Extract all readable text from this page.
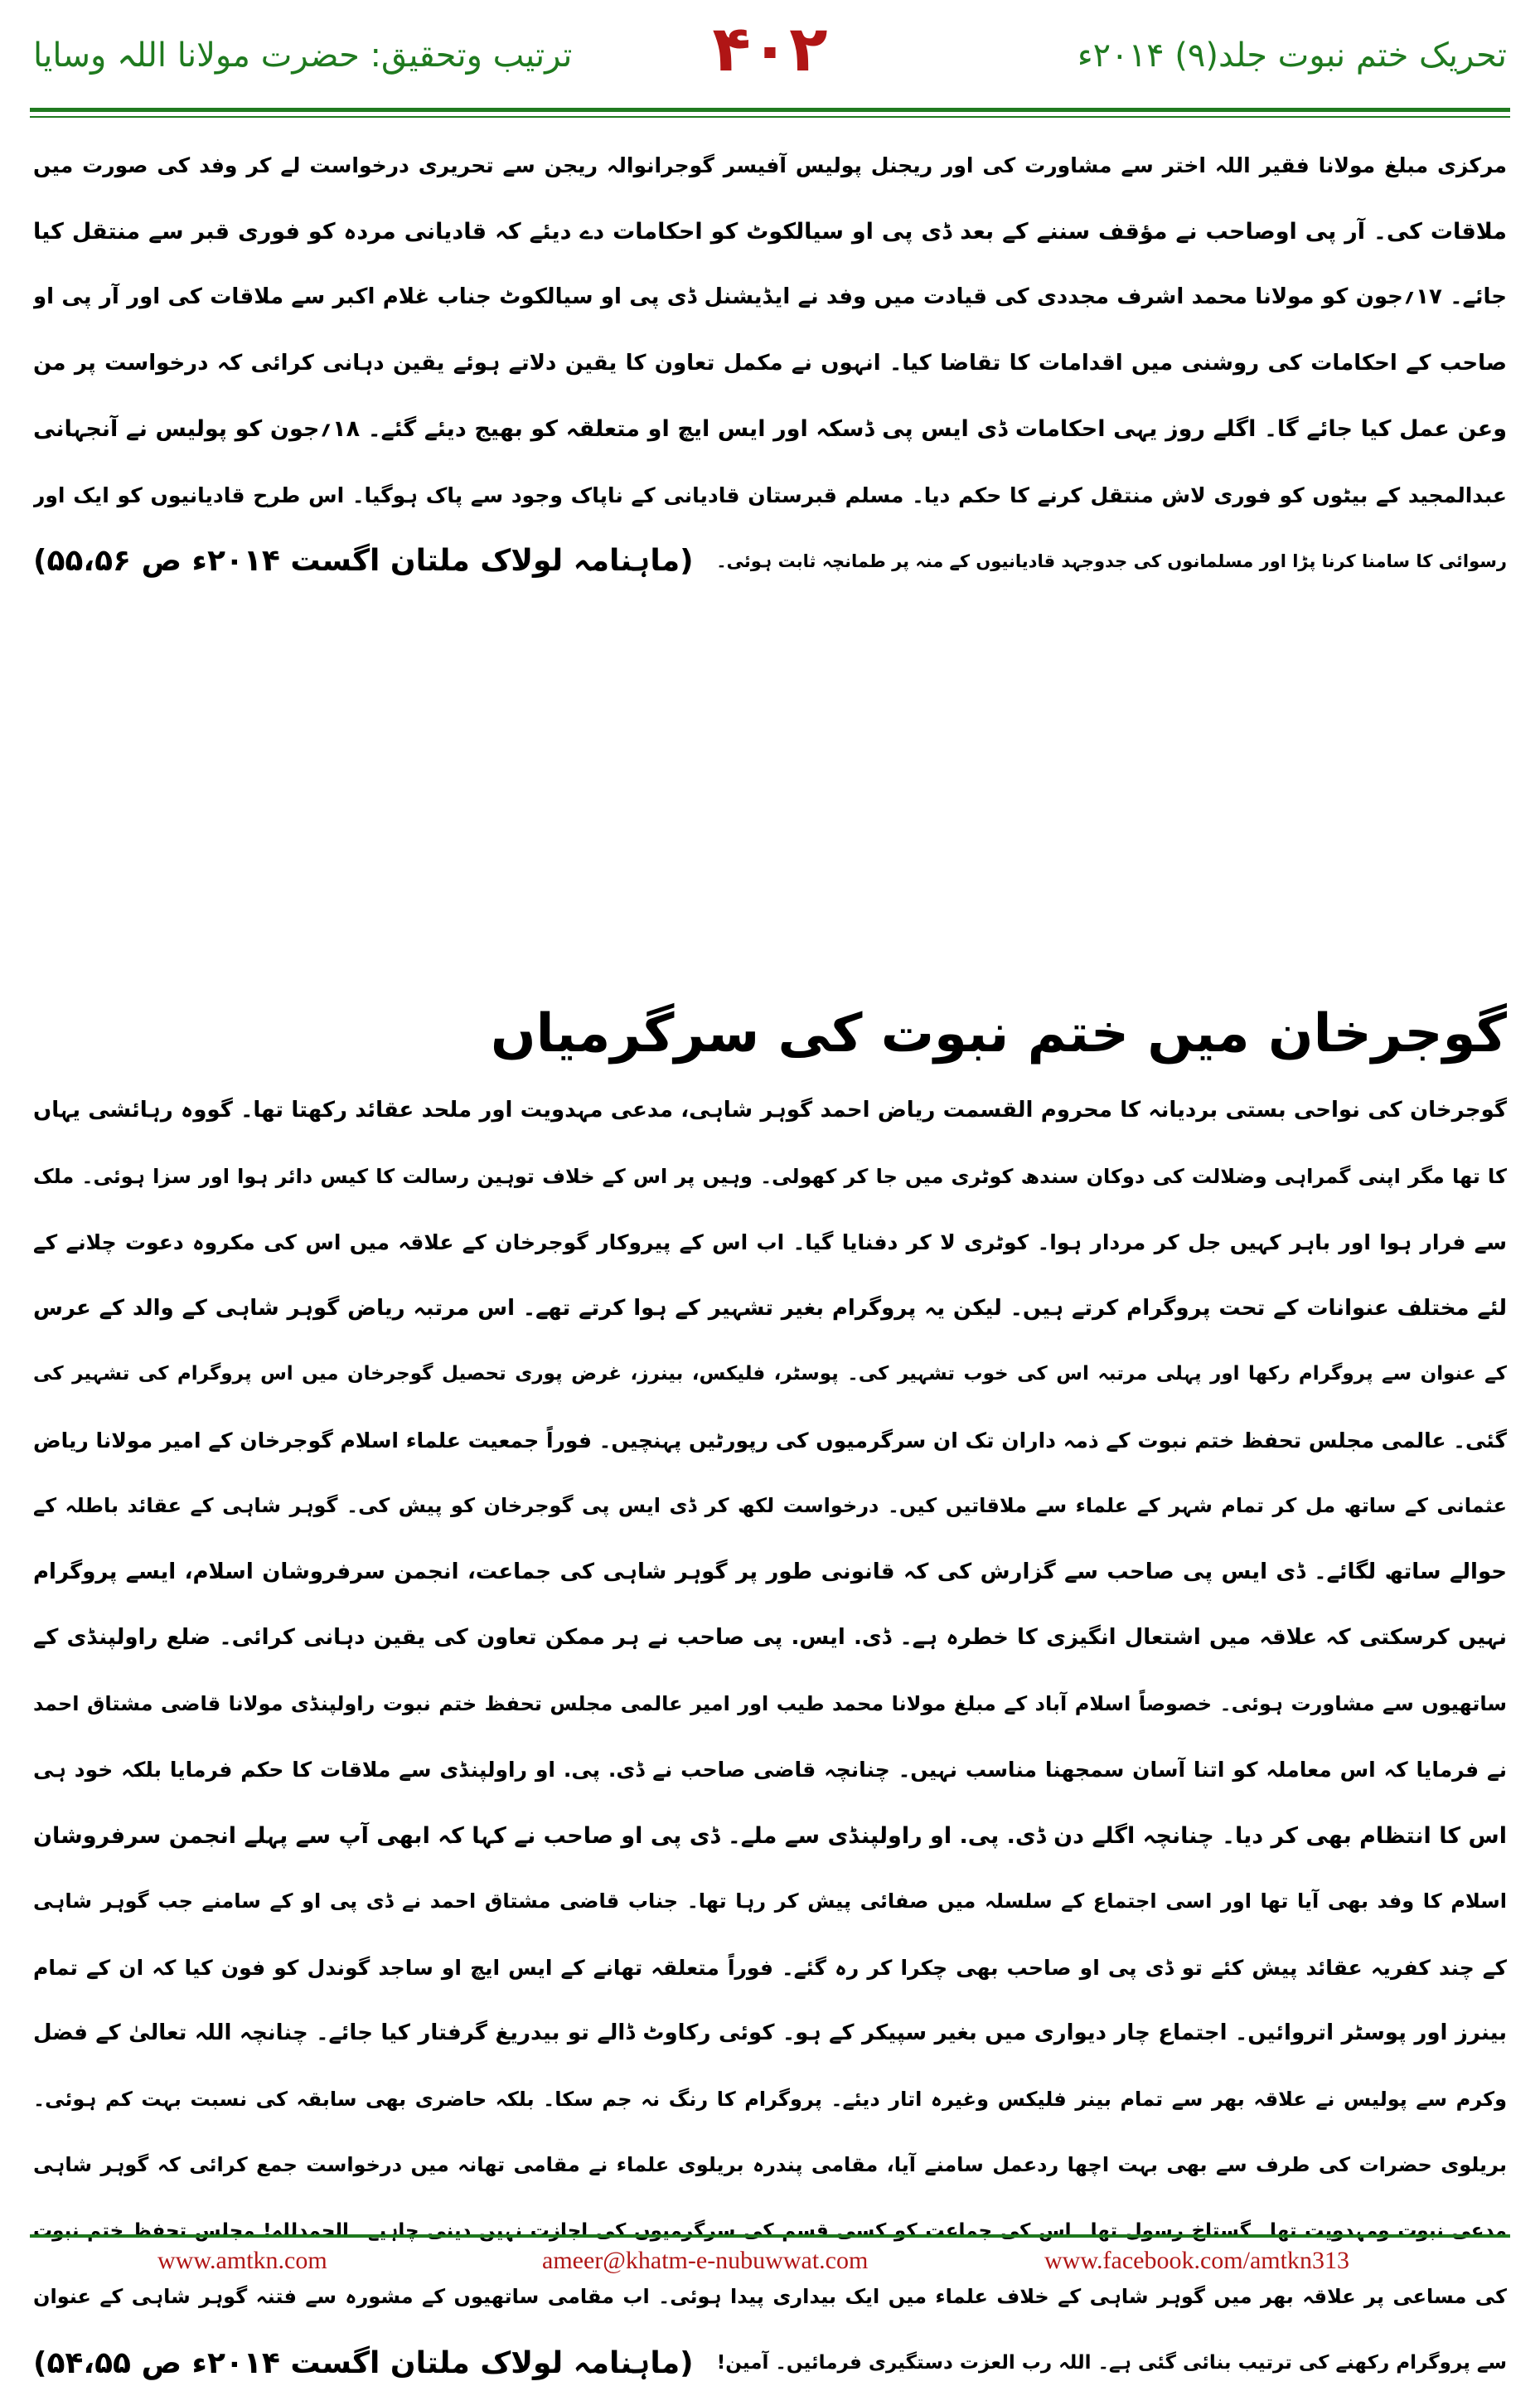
تحریک ختم نبوت جلد(۹) ۲۰۱۴ء
۴۰۲
ترتیب وتحقیق: حضرت مولانا اللہ وسایا
مرکزی مبلغ مولانا فقیر اللہ اختر سے مشاورت کی اور ریجنل پولیس آفیسر گوجرانوالہ ریجن سے تحریری درخواست لے کر وفد کی صورت میں
ملاقات کی۔ آر پی اوصاحب نے مؤقف سننے کے بعد ڈی پی او سیالکوٹ کو احکامات دے دیئے کہ قادیانی مردہ کو فوری قبر سے منتقل کیا
جائے۔ ۱۷؍جون کو مولانا محمد اشرف مجددی کی قیادت میں وفد نے ایڈیشنل ڈی پی او سیالکوٹ جناب غلام اکبر سے ملاقات کی اور آر پی او
صاحب کے احکامات کی روشنی میں اقدامات کا تقاضا کیا۔ انہوں نے مکمل تعاون کا یقین دلاتے ہوئے یقین دہانی کرائی کہ درخواست پر من
وعن عمل کیا جائے گا۔ اگلے روز یہی احکامات ڈی ایس پی ڈسکہ اور ایس ایچ او متعلقہ کو بھیج دیئے گئے۔ ۱۸؍جون کو پولیس نے آنجہانی
عبدالمجید کے بیٹوں کو فوری لاش منتقل کرنے کا حکم دیا۔ مسلم قبرستان قادیانی کے ناپاک وجود سے پاک ہوگیا۔ اس طرح قادیانیوں کو ایک اور
رسوائی کا سامنا کرنا پڑا اور مسلمانوں کی جدوجہد قادیانیوں کے منہ پر طمانچہ ثابت ہوئی۔
(ماہنامہ لولاک ملتان اگست ۲۰۱۴ء ص ۵۵،۵۶)
گوجرخان میں ختم نبوت کی سرگرمیاں
گوجرخان کی نواحی بستی بردیانہ کا محروم القسمت ریاض احمد گوہر شاہی، مدعی مہدویت اور ملحد عقائد رکھتا تھا۔ گووہ رہائشی یہاں
کا تھا مگر اپنی گمراہی وضلالت کی دوکان سندھ کوٹری میں جا کر کھولی۔ وہیں پر اس کے خلاف توہین رسالت کا کیس دائر ہوا اور سزا ہوئی۔ ملک
سے فرار ہوا اور باہر کہیں جل کر مردار ہوا۔ کوٹری لا کر دفنایا گیا۔ اب اس کے پیروکار گوجرخان کے علاقہ میں اس کی مکروہ دعوت چلانے کے
لئے مختلف عنوانات کے تحت پروگرام کرتے ہیں۔ لیکن یہ پروگرام بغیر تشہیر کے ہوا کرتے تھے۔ اس مرتبہ ریاض گوہر شاہی کے والد کے عرس
کے عنوان سے پروگرام رکھا اور پہلی مرتبہ اس کی خوب تشہیر کی۔ پوسٹر، فلیکس، بینرز، غرض پوری تحصیل گوجرخان میں اس پروگرام کی تشہیر کی
گئی۔ عالمی مجلس تحفظ ختم نبوت کے ذمہ داران تک ان سرگرمیوں کی رپورٹیں پہنچیں۔ فوراً جمعیت علماء اسلام گوجرخان کے امیر مولانا ریاض
عثمانی کے ساتھ مل کر تمام شہر کے علماء سے ملاقاتیں کیں۔ درخواست لکھ کر ڈی ایس پی گوجرخان کو پیش کی۔ گوہر شاہی کے عقائد باطلہ کے
حوالے ساتھ لگائے۔ ڈی ایس پی صاحب سے گزارش کی کہ قانونی طور پر گوہر شاہی کی جماعت، انجمن سرفروشان اسلام، ایسے پروگرام
نہیں کرسکتی کہ علاقہ میں اشتعال انگیزی کا خطرہ ہے۔ ڈی. ایس. پی صاحب نے ہر ممکن تعاون کی یقین دہانی کرائی۔ ضلع راولپنڈی کے
ساتھیوں سے مشاورت ہوئی۔ خصوصاً اسلام آباد کے مبلغ مولانا محمد طیب اور امیر عالمی مجلس تحفظ ختم نبوت راولپنڈی مولانا قاضی مشتاق احمد
نے فرمایا کہ اس معاملہ کو اتنا آسان سمجھنا مناسب نہیں۔ چنانچہ قاضی صاحب نے ڈی. پی. او راولپنڈی سے ملاقات کا حکم فرمایا بلکہ خود ہی
اس کا انتظام بھی کر دیا۔ چنانچہ اگلے دن ڈی. پی. او راولپنڈی سے ملے۔ ڈی پی او صاحب نے کہا کہ ابھی آپ سے پہلے انجمن سرفروشان
اسلام کا وفد بھی آیا تھا اور اسی اجتماع کے سلسلہ میں صفائی پیش کر رہا تھا۔ جناب قاضی مشتاق احمد نے ڈی پی او کے سامنے جب گوہر شاہی
کے چند کفریہ عقائد پیش کئے تو ڈی پی او صاحب بھی چکرا کر رہ گئے۔ فوراً متعلقہ تھانے کے ایس ایچ او ساجد گوندل کو فون کیا کہ ان کے تمام
بینرز اور پوسٹر اتروائیں۔ اجتماع چار دیواری میں بغیر سپیکر کے ہو۔ کوئی رکاوٹ ڈالے تو بیدریغ گرفتار کیا جائے۔ چنانچہ اللہ تعالیٰ کے فضل
وکرم سے پولیس نے علاقہ بھر سے تمام بینر فلیکس وغیرہ اتار دیئے۔ پروگرام کا رنگ نہ جم سکا۔ بلکہ حاضری بھی سابقہ کی نسبت بہت کم ہوئی۔
بریلوی حضرات کی طرف سے بھی بہت اچھا ردعمل سامنے آیا، مقامی پندرہ بریلوی علماء نے مقامی تھانہ میں درخواست جمع کرائی کہ گوہر شاہی
مدعی نبوت ومہدویت تھا۔ گستاخ رسول تھا۔ اس کی جماعت کو کسی قسم کی سرگرمیوں کی اجازت نہیں دینی چاہیے۔ الحمدللہ! مجلس تحفظ ختم نبوت
کی مساعی پر علاقہ بھر میں گوہر شاہی کے خلاف علماء میں ایک بیداری پیدا ہوئی۔ اب مقامی ساتھیوں کے مشورہ سے فتنہ گوہر شاہی کے عنوان
سے پروگرام رکھنے کی ترتیب بنائی گئی ہے۔ اللہ رب العزت دستگیری فرمائیں۔ آمین!
(ماہنامہ لولاک ملتان اگست ۲۰۱۴ء ص ۵۴،۵۵)
www.amtkn.com	ameer@khatm-e-nubuwwat.com	www.facebook.com/amtkn313
